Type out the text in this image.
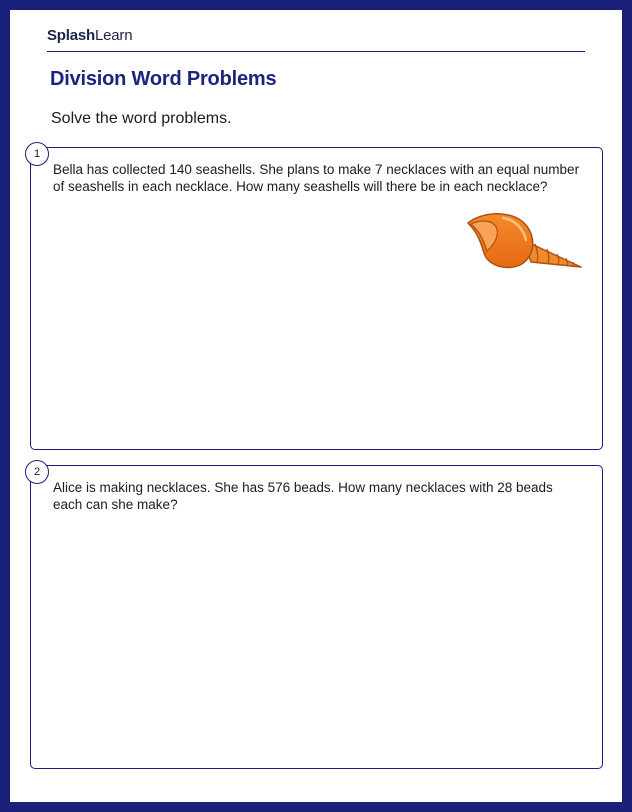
SplashLearn
Division Word Problems

Solve the word problems.

1

Bella has collected 140 seashells. She plans to make 7 necklaces with an equal number of seashells in each necklace. How many seashells will there be in each necklace?

2

Alice is making necklaces. She has 576 beads. How many necklaces with 28 beads each can she make?
